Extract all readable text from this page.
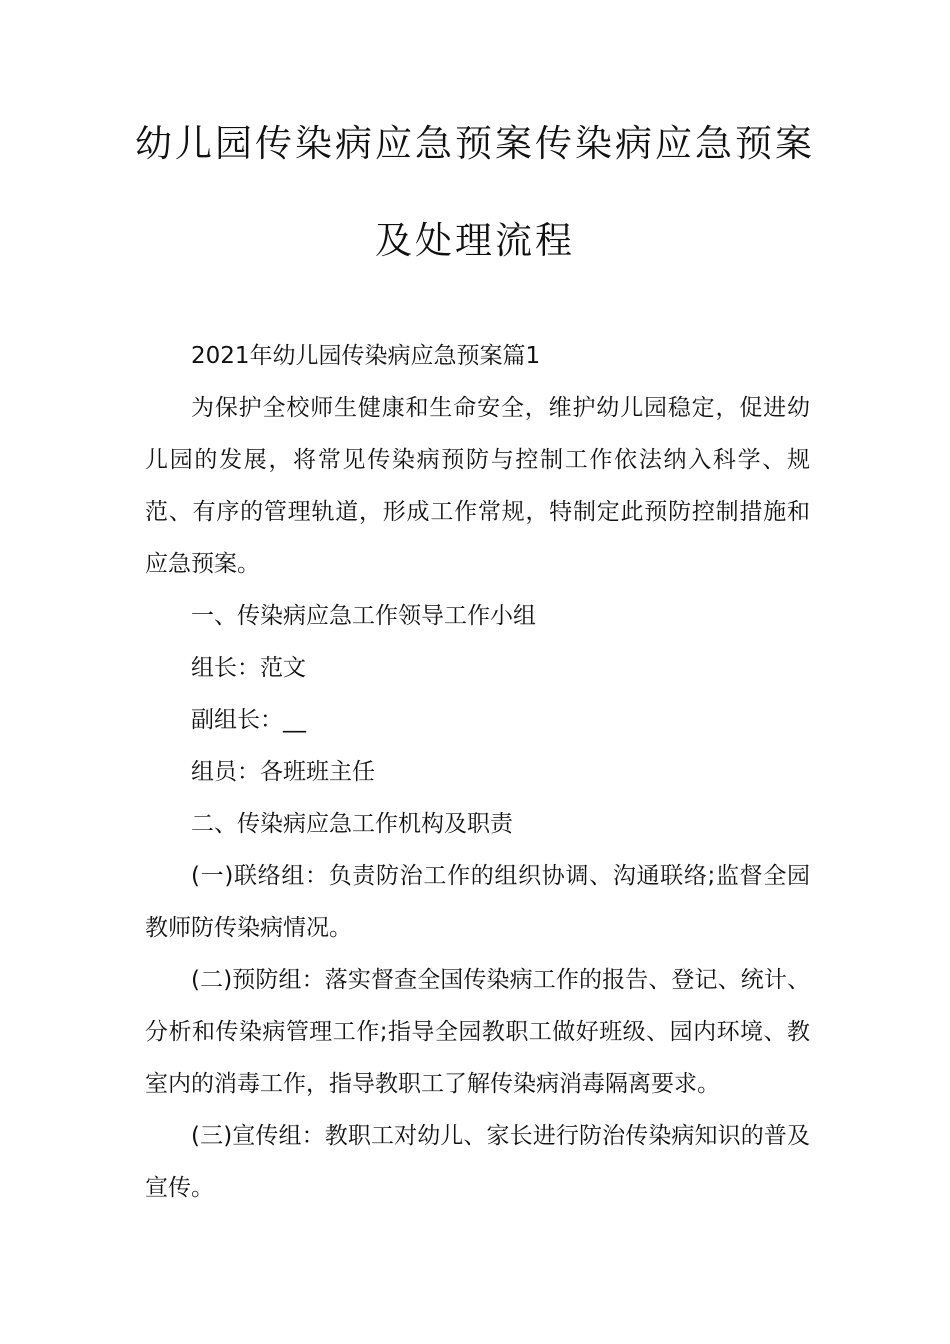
幼儿园传染病应急预案传染病应急预案
及处理流程

2021年幼儿园传染病应急预案篇1

为保护全校师生健康和生命安全，维护幼儿园稳定，促进幼儿园的发展，将常见传染病预防与控制工作依法纳入科学、规范、有序的管理轨道，形成工作常规，特制定此预防控制措施和应急预案。

一、传染病应急工作领导工作小组

组长：范文

副组长：__

组员：各班班主任

二、传染病应急工作机构及职责

(一)联络组：负责防治工作的组织协调、沟通联络;监督全园教师防传染病情况。

(二)预防组：落实督查全国传染病工作的报告、登记、统计、分析和传染病管理工作;指导全园教职工做好班级、园内环境、教室内的消毒工作，指导教职工了解传染病消毒隔离要求。

(三)宣传组：教职工对幼儿、家长进行防治传染病知识的普及宣传。
